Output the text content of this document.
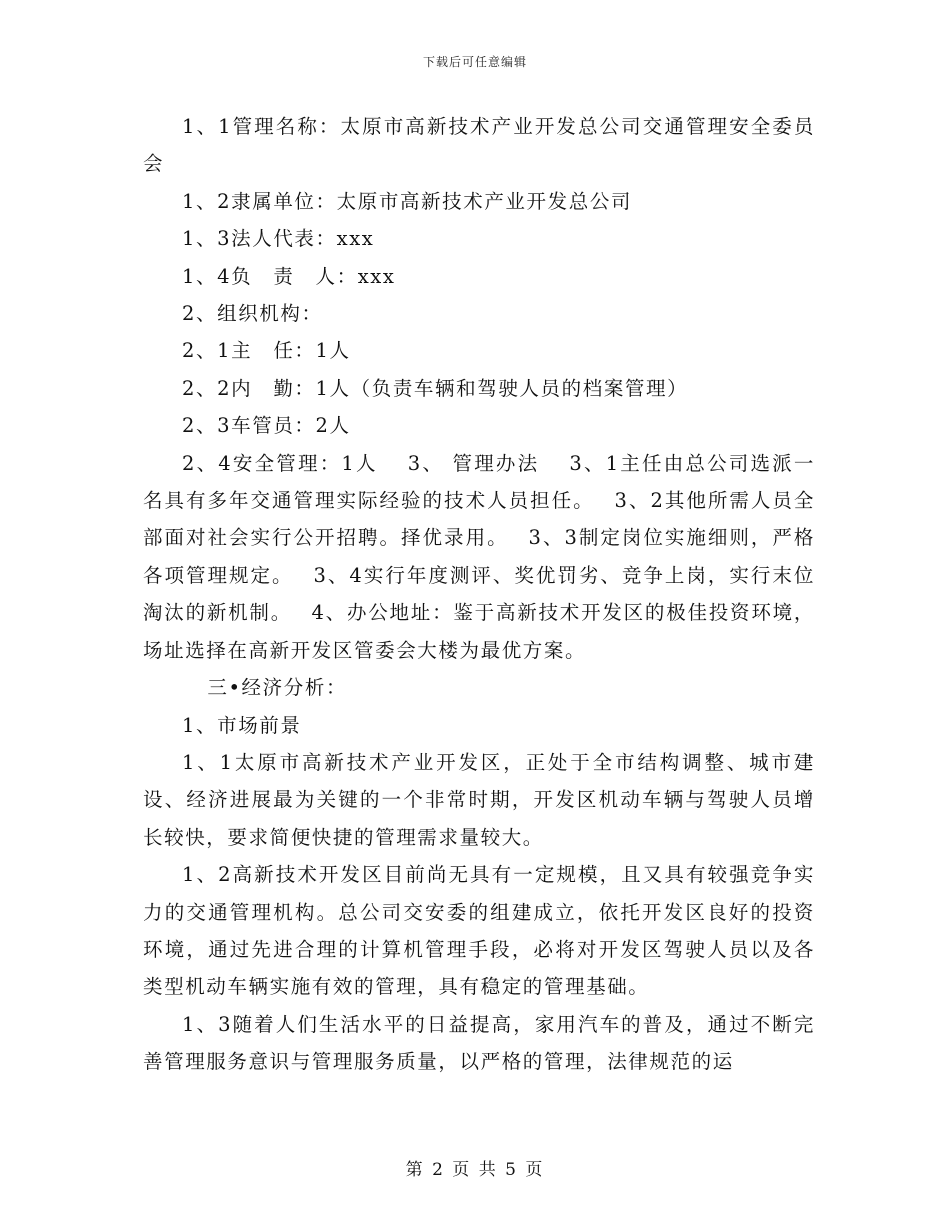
下载后可任意编辑

1、1管理名称：太原市高新技术产业开发总公司交通管理安全委员会

1、2隶属单位：太原市高新技术产业开发总公司

1、3法人代表：xxx

1、4负　责　人：xxx

2、组织机构：

2、1主　任：1人

2、2内　勤：1人（负责车辆和驾驶人员的档案管理）

2、3车管员：2人

2、4安全管理：1人　 3、 管理办法　 3、1主任由总公司选派一名具有多年交通管理实际经验的技术人员担任。　 3、2其他所需人员全部面对社会实行公开招聘。择优录用。　 3、3制定岗位实施细则，严格各项管理规定。　 3、4实行年度测评、奖优罚劣、竞争上岗，实行末位淘汰的新机制。　 4、办公地址：鉴于高新技术开发区的极佳投资环境，场址选择在高新开发区管委会大楼为最优方案。

三•经济分析：

1、市场前景

1、1太原市高新技术产业开发区，正处于全市结构调整、城市建设、经济进展最为关键的一个非常时期，开发区机动车辆与驾驶人员增长较快，要求简便快捷的管理需求量较大。

1、2高新技术开发区目前尚无具有一定规模，且又具有较强竞争实力的交通管理机构。总公司交安委的组建成立，依托开发区良好的投资环境，通过先进合理的计算机管理手段，必将对开发区驾驶人员以及各类型机动车辆实施有效的管理，具有稳定的管理基础。

1、3随着人们生活水平的日益提高，家用汽车的普及，通过不断完善管理服务意识与管理服务质量，以严格的管理，法律规范的运

第 2 页 共 5 页
